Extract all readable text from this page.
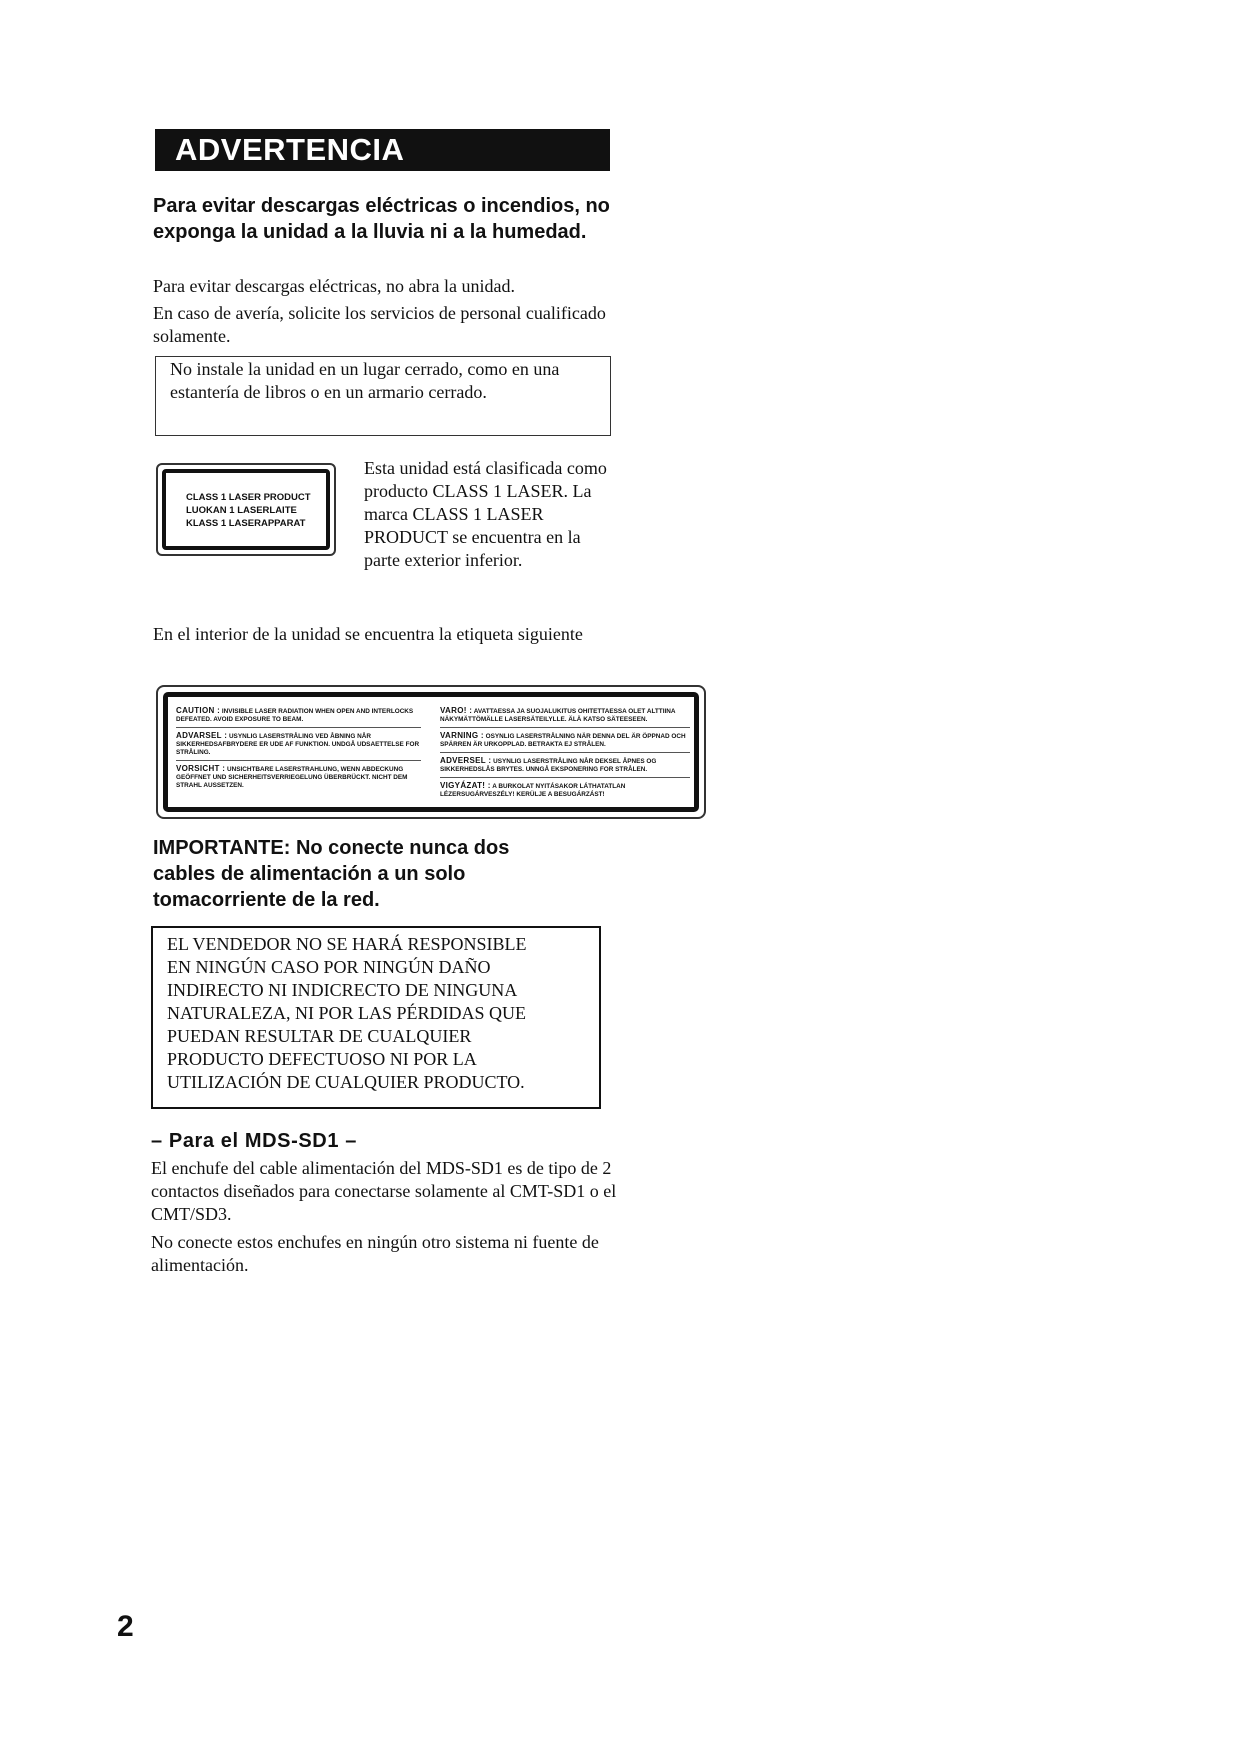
ADVERTENCIA
Para evitar descargas eléctricas o incendios, no exponga la unidad a la lluvia ni a la humedad.

Para evitar descargas eléctricas, no abra la unidad.

En caso de avería, solicite los servicios de personal cualificado solamente.

No instale la unidad en un lugar cerrado, como en una estantería de libros o en un armario cerrado.

CLASS 1 LASER PRODUCT
LUOKAN 1 LASERLAITE
KLASS 1 LASERAPPARAT

Esta unidad está clasificada como producto CLASS 1 LASER. La marca CLASS 1 LASER PRODUCT se encuentra en la parte exterior inferior.

En el interior de la unidad se encuentra la etiqueta siguiente

CAUTION : INVISIBLE LASER RADIATION WHEN OPEN AND INTERLOCKS DEFEATED. AVOID EXPOSURE TO BEAM.
ADVARSEL : USYNLIG LASERSTRÅLING VED ÅBNING NÅR SIKKERHEDSAFBRYDERE ER UDE AF FUNKTION. UNDGÅ UDSAETTELSE FOR STRÅLING.
VORSICHT : UNSICHTBARE LASERSTRAHLUNG, WENN ABDECKUNG GEÖFFNET UND SICHERHEITSVERRIEGELUNG ÜBERBRÜCKT. NICHT DEM STRAHL AUSSETZEN.
VARO! : AVATTAESSA JA SUOJALUKITUS OHITETTAESSA OLET ALTTIINA NÄKYMÄTTÖMÄLLE LASERSÄTEILYLLE. ÄLÄ KATSO SÄTEESEEN.
VARNING : OSYNLIG LASERSTRÅLNING NÄR DENNA DEL ÄR ÖPPNAD OCH SPÄRREN ÄR URKOPPLAD. BETRAKTA EJ STRÅLEN.
ADVERSEL : USYNLIG LASERSTRÅLING NÅR DEKSEL ÅPNES OG SIKKERHEDSLÅS BRYTES. UNNGÅ EKSPONERING FOR STRÅLEN.
VIGYÁZAT! : A BURKOLAT NYITÁSAKOR LÁTHATATLAN LÉZERSUGÁRVESZÉLY! KERÜLJE A BESUGÁRZÁST!
IMPORTANTE: No conecte nunca dos cables de alimentación a un solo tomacorriente de la red.

EL VENDEDOR NO SE HARÁ RESPONSIBLE

EN NINGÚN CASO POR NINGÚN DAÑO

INDIRECTO NI INDICRECTO DE NINGUNA

NATURALEZA, NI POR LAS PÉRDIDAS QUE

PUEDAN RESULTAR DE CUALQUIER

PRODUCTO DEFECTUOSO NI POR LA

UTILIZACIÓN DE CUALQUIER PRODUCTO.

– Para el MDS-SD1 –

El enchufe del cable alimentación del MDS-SD1 es de tipo de 2 contactos diseñados para conectarse solamente al CMT-SD1 o el CMT/SD3.

No conecte estos enchufes en ningún otro sistema ni fuente de alimentación.

2
